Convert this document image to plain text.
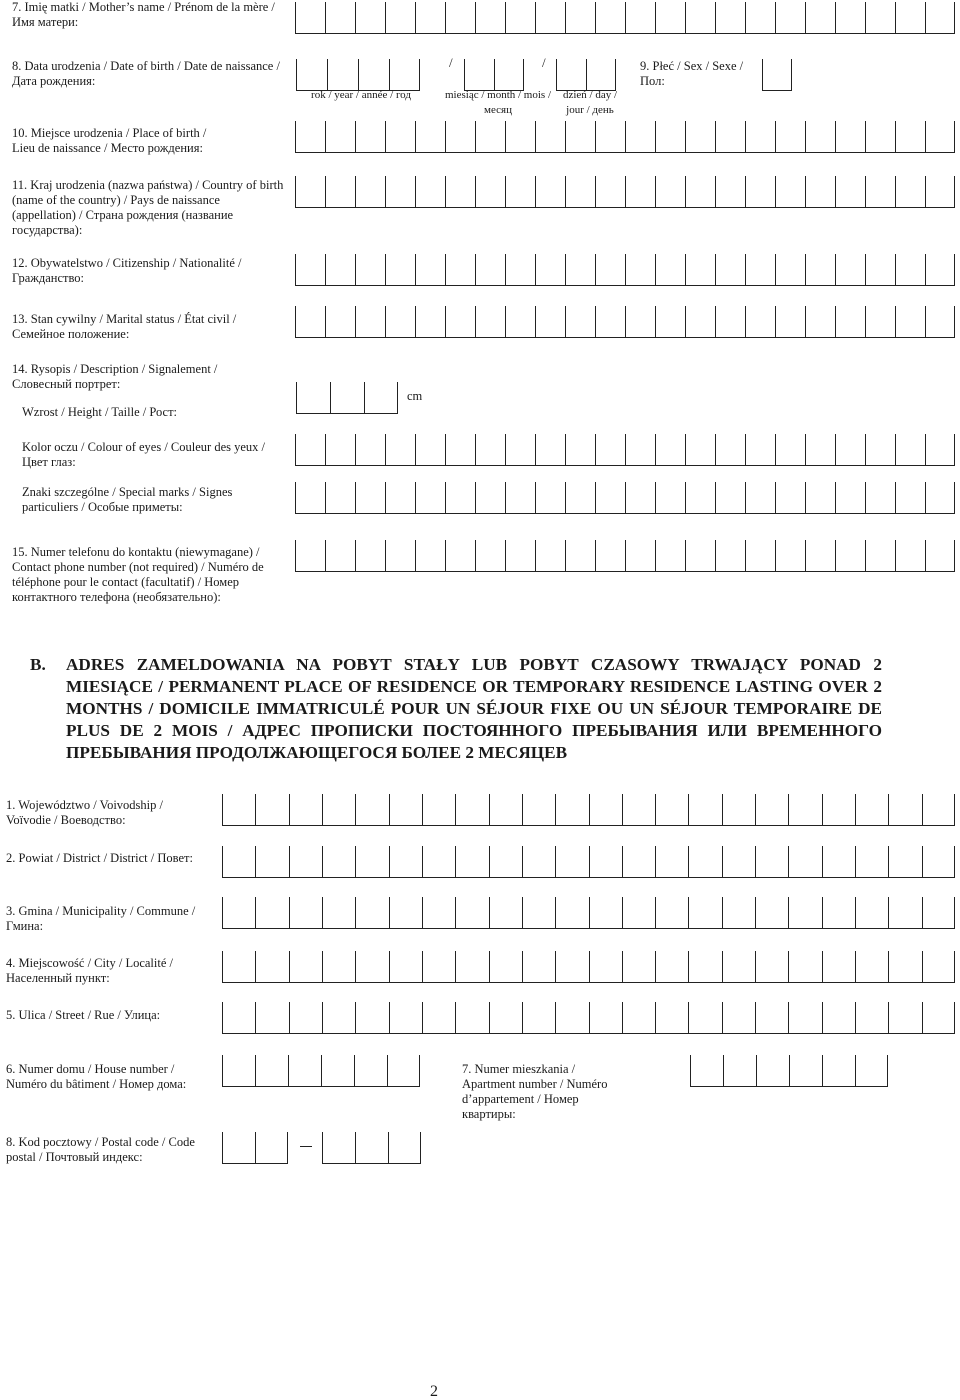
7. Imię matki / Mother’s name / Prénom de la mère /
Имя матери:
8. Data urodzenia / Date of birth / Date de naissance /
Дата рождения:
/	/
rok / year / année / год	miesiąc / month / mois /
месяц
dzień / day /
jour / день
9. Płeć / Sex / Sexe /
Пол:
10. Miejsce urodzenia / Place of birth /
Lieu de naissance / Место рождения:
11. Kraj urodzenia (nazwa państwa) / Country of birth
(name of the country) / Pays de naissance
(appellation) / Страна рождения (название
государства):
12. Obywatelstwo / Citizenship / Nationalité /
Гражданство:
13. Stan cywilny / Marital status / État civil /
Семейное положение:
14. Rysopis / Description / Signalement /
Словесный портрет:
Wzrost / Height / Taille / Рост:
cm
Kolor oczu / Colour of eyes / Couleur des yeux /
Цвет глаз:
Znaki szczególne / Special marks / Signes
particuliers / Особые приметы:
15. Numer telefonu do kontaktu (niewymagane) /
Contact phone number (not required) / Numéro de
téléphone pour le contact (facultatif) / Номер
контактного телефона (необязательно):
B. ADRES ZAMELDOWANIA NA POBYT STAŁY LUB POBYT CZASOWY TRWAJĄCY PONAD 2 MIESIĄCE / PERMANENT PLACE OF RESIDENCE OR TEMPORARY RESIDENCE LASTING OVER 2 MONTHS / DOMICILE IMMATRICULÉ POUR UN SÉJOUR FIXE OU UN SÉJOUR TEMPORAIRE DE PLUS DE 2 MOIS / АДРЕС ПРОПИСКИ ПОСТОЯННОГО ПРЕБЫВАНИЯ ИЛИ ВРЕМЕННОГО ПРЕБЫВАНИЯ ПРОДОЛЖАЮЩЕГОСЯ БОЛЕЕ 2 МЕСЯЦЕВ
1. Województwo / Voivodship /
Voïvodie / Воеводство:
2. Powiat / District / District / Повет:
3. Gmina / Municipality / Commune /
Гмина:
4. Miejscowość / City / Localité /
Населенный пункт:
5. Ulica / Street / Rue / Улица:
6. Numer domu / House number /
Numéro du bâtiment / Номер дома:
7. Numer mieszkania /
Apartment number / Numéro
d’appartement / Номер
квартиры:
8. Kod pocztowy / Postal code / Code
postal / Почтовый индекс:
2
